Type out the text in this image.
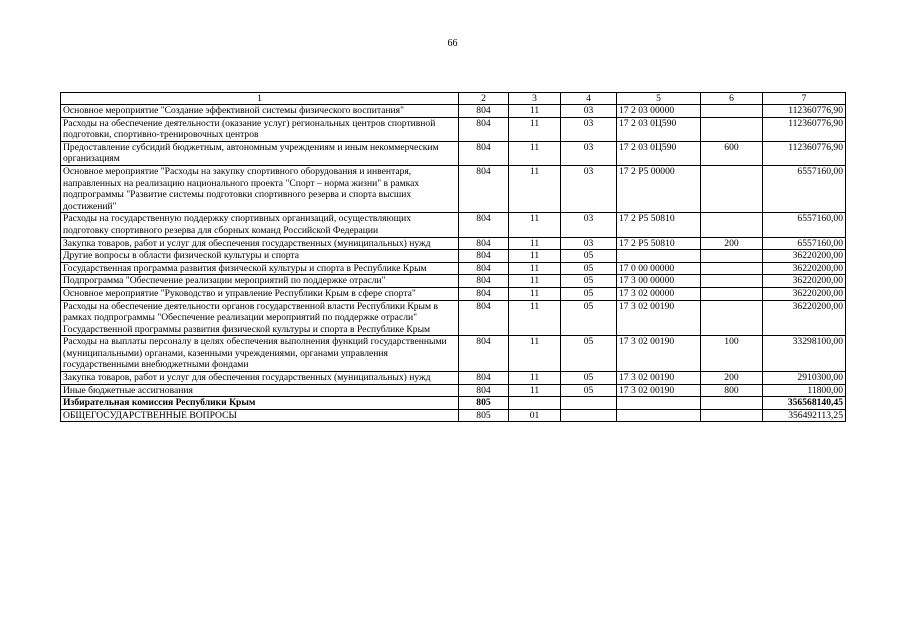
66
1	2	3	4	5	6	7
Основное мероприятие "Создание эффективной системы физического воспитания"	804	11	03	17 2 03 00000		112360776,90
Расходы на обеспечение деятельности (оказание услуг) региональных центров спортивной подготовки, спортивно-тренировочных центров	804	11	03	17 2 03 0Ц590		112360776,90
Предоставление субсидий бюджетным, автономным учреждениям и иным некоммерческим организациям	804	11	03	17 2 03 0Ц590	600	112360776,90
Основное мероприятие "Расходы на закупку спортивного оборудования и инвентаря, направленных на реализацию национального проекта "Спорт – норма жизни" в рамках подпрограммы "Развитие системы подготовки спортивного резерва и спорта высших достижений"	804	11	03	17 2 Р5 00000		6557160,00
Расходы на государственную поддержку спортивных организаций, осуществляющих подготовку спортивного резерва для сборных команд Российской Федерации	804	11	03	17 2 Р5 50810		6557160,00
Закупка товаров, работ и услуг для обеспечения государственных (муниципальных) нужд	804	11	03	17 2 Р5 50810	200	6557160,00
Другие вопросы в области физической культуры и спорта	804	11	05			36220200,00
Государственная программа развития физической культуры и спорта в Республике Крым	804	11	05	17 0 00 00000		36220200,00
Подпрограмма "Обеспечение реализации мероприятий по поддержке отрасли"	804	11	05	17 3 00 00000		36220200,00
Основное мероприятие "Руководство и управление Республики Крым в сфере спорта"	804	11	05	17 3 02 00000		36220200,00
Расходы на обеспечение деятельности органов государственной власти Республики Крым в рамках подпрограммы "Обеспечение реализации мероприятий по поддержке отрасли" Государственной программы развития физической культуры и спорта в Республике Крым	804	11	05	17 3 02 00190		36220200,00
Расходы на выплаты персоналу в целях обеспечения выполнения функций государственными (муниципальными) органами, казенными учреждениями, органами управления государственными внебюджетными фондами	804	11	05	17 3 02 00190	100	33298100,00
Закупка товаров, работ и услуг для обеспечения государственных (муниципальных) нужд	804	11	05	17 3 02 00190	200	2910300,00
Иные бюджетные ассигнования	804	11	05	17 3 02 00190	800	11800,00
Избирательная комиссия Республики Крым	805					356568140,45
ОБЩЕГОСУДАРСТВЕННЫЕ ВОПРОСЫ	805	01				356492113,25
